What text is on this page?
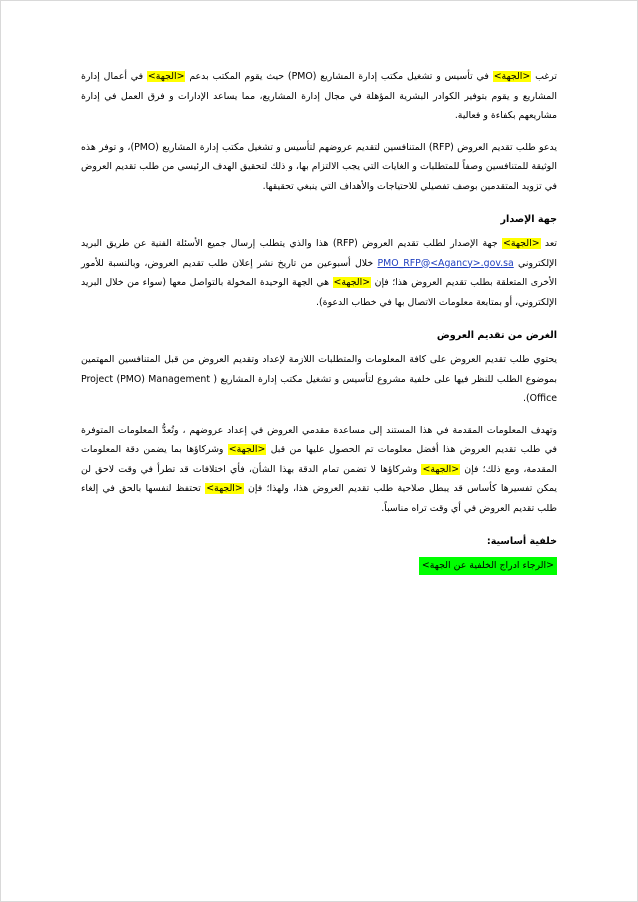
ترغب <الجهة> في تأسيس و تشغيل مكتب إدارة المشاريع (PMO) حيث يقوم المكتب بدعم <الجهة> في أعمال إدارة المشاريع و يقوم بتوفير الكوادر البشرية المؤهلة في مجال إدارة المشاريع، مما يساعد الإدارات و فرق العمل في إدارة مشاريعهم بكفاءة و فعالية.

يدعو طلب تقديم العروض (RFP) المتنافسين لتقديم عروضهم لتأسيس و تشغيل مكتب إدارة المشاريع (PMO)، و توفر هذه الوثيقة للمتنافسين وصفاً للمتطلبات و الغايات التي يجب الالتزام بها، و ذلك لتحقيق الهدف الرئيسي من طلب تقديم العروض في تزويد المتقدمين بوصف تفصيلي للاحتياجات والأهداف التي ينبغي تحقيقها.

جهة الإصدار

تعد <الجهة> جهة الإصدار لطلب تقديم العروض (RFP) هذا والذي يتطلب إرسال جميع الأسئلة الفنية عن طريق البريد الإلكتروني PMO_RFP@<Agancy>.gov.sa خلال أسبوعين من تاريخ نشر إعلان طلب تقديم العروض، وبالنسبة للأمور الأخرى المتعلقة بطلب تقديم العروض هذا؛ فإن <الجهة> هي الجهة الوحيدة المخولة بالتواصل معها (سواء من خلال البريد الإلكتروني، أو بمتابعة معلومات الاتصال بها في خطاب الدعوة).

الغرض من تقديم العروض

يحتوي طلب تقديم العروض على كافة المعلومات والمتطلبات اللازمة لإعداد وتقديم العروض من قبل المتنافسين المهتمين بموضوع الطلب للنظر فيها على خلفية مشروع لتأسيس و تشغيل مكتب إدارة المشاريع ( Project (PMO) Management Office).

وتهدف المعلومات المقدمة في هذا المستند إلى مساعدة مقدمي العروض في إعداد عروضهم ، وتُعدُّ المعلومات المتوفرة في طلب تقديم العروض هذا أفضل معلومات تم الحصول عليها من قبل <الجهة> وشركاؤها بما يضمن دقة المعلومات المقدمة، ومع ذلك؛ فإن <الجهة> وشركاؤها لا تضمن تمام الدقة بهذا الشأن، فأي اختلافات قد تطرأ في وقت لاحق لن يمكن تفسيرها كأساس قد يبطل صلاحية طلب تقديم العروض هذا، ولهذا؛ فإن <الجهة> تحتفظ لنفسها بالحق في إلغاء طلب تقديم العروض في أي وقت تراه مناسباً.

خلفية أساسية:

<الرجاء ادراج الخلفية عن الجهة>
